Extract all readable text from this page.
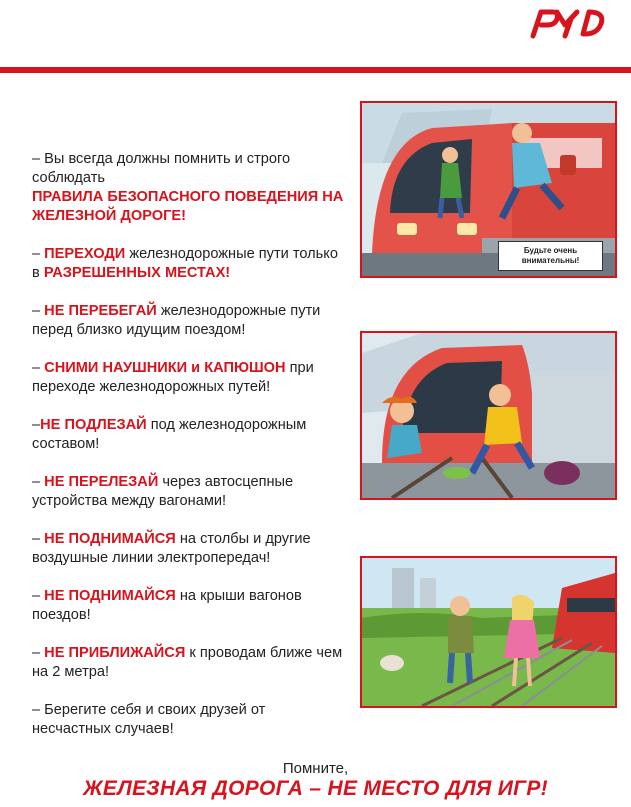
– Вы всегда должны помнить и строго соблюдать
ПРАВИЛА БЕЗОПАСНОГО ПОВЕДЕНИЯ НА ЖЕЛЕЗНОЙ ДОРОГЕ!
– ПЕРЕХОДИ железнодорожные пути только в РАЗРЕШЕННЫХ МЕСТАХ!
– НЕ ПЕРЕБЕГАЙ железнодорожные пути перед близко идущим поездом!
– СНИМИ НАУШНИКИ и КАПЮШОН при переходе железнодорожных путей!
–НЕ ПОДЛЕЗАЙ под железнодорожным составом!
– НЕ ПЕРЕЛЕЗАЙ через автосцепные устройства между вагонами!
– НЕ ПОДНИМАЙСЯ на столбы и другие воздушные линии электропередач!
– НЕ ПОДНИМАЙСЯ на крыши вагонов поездов!
– НЕ ПРИБЛИЖАЙСЯ к проводам ближе чем на 2 метра!
– Берегите себя и своих друзей от несчастных случаев!
Будьте очень
внимательны!
Помните,
ЖЕЛЕЗНАЯ ДОРОГА – НЕ МЕСТО ДЛЯ ИГР!
